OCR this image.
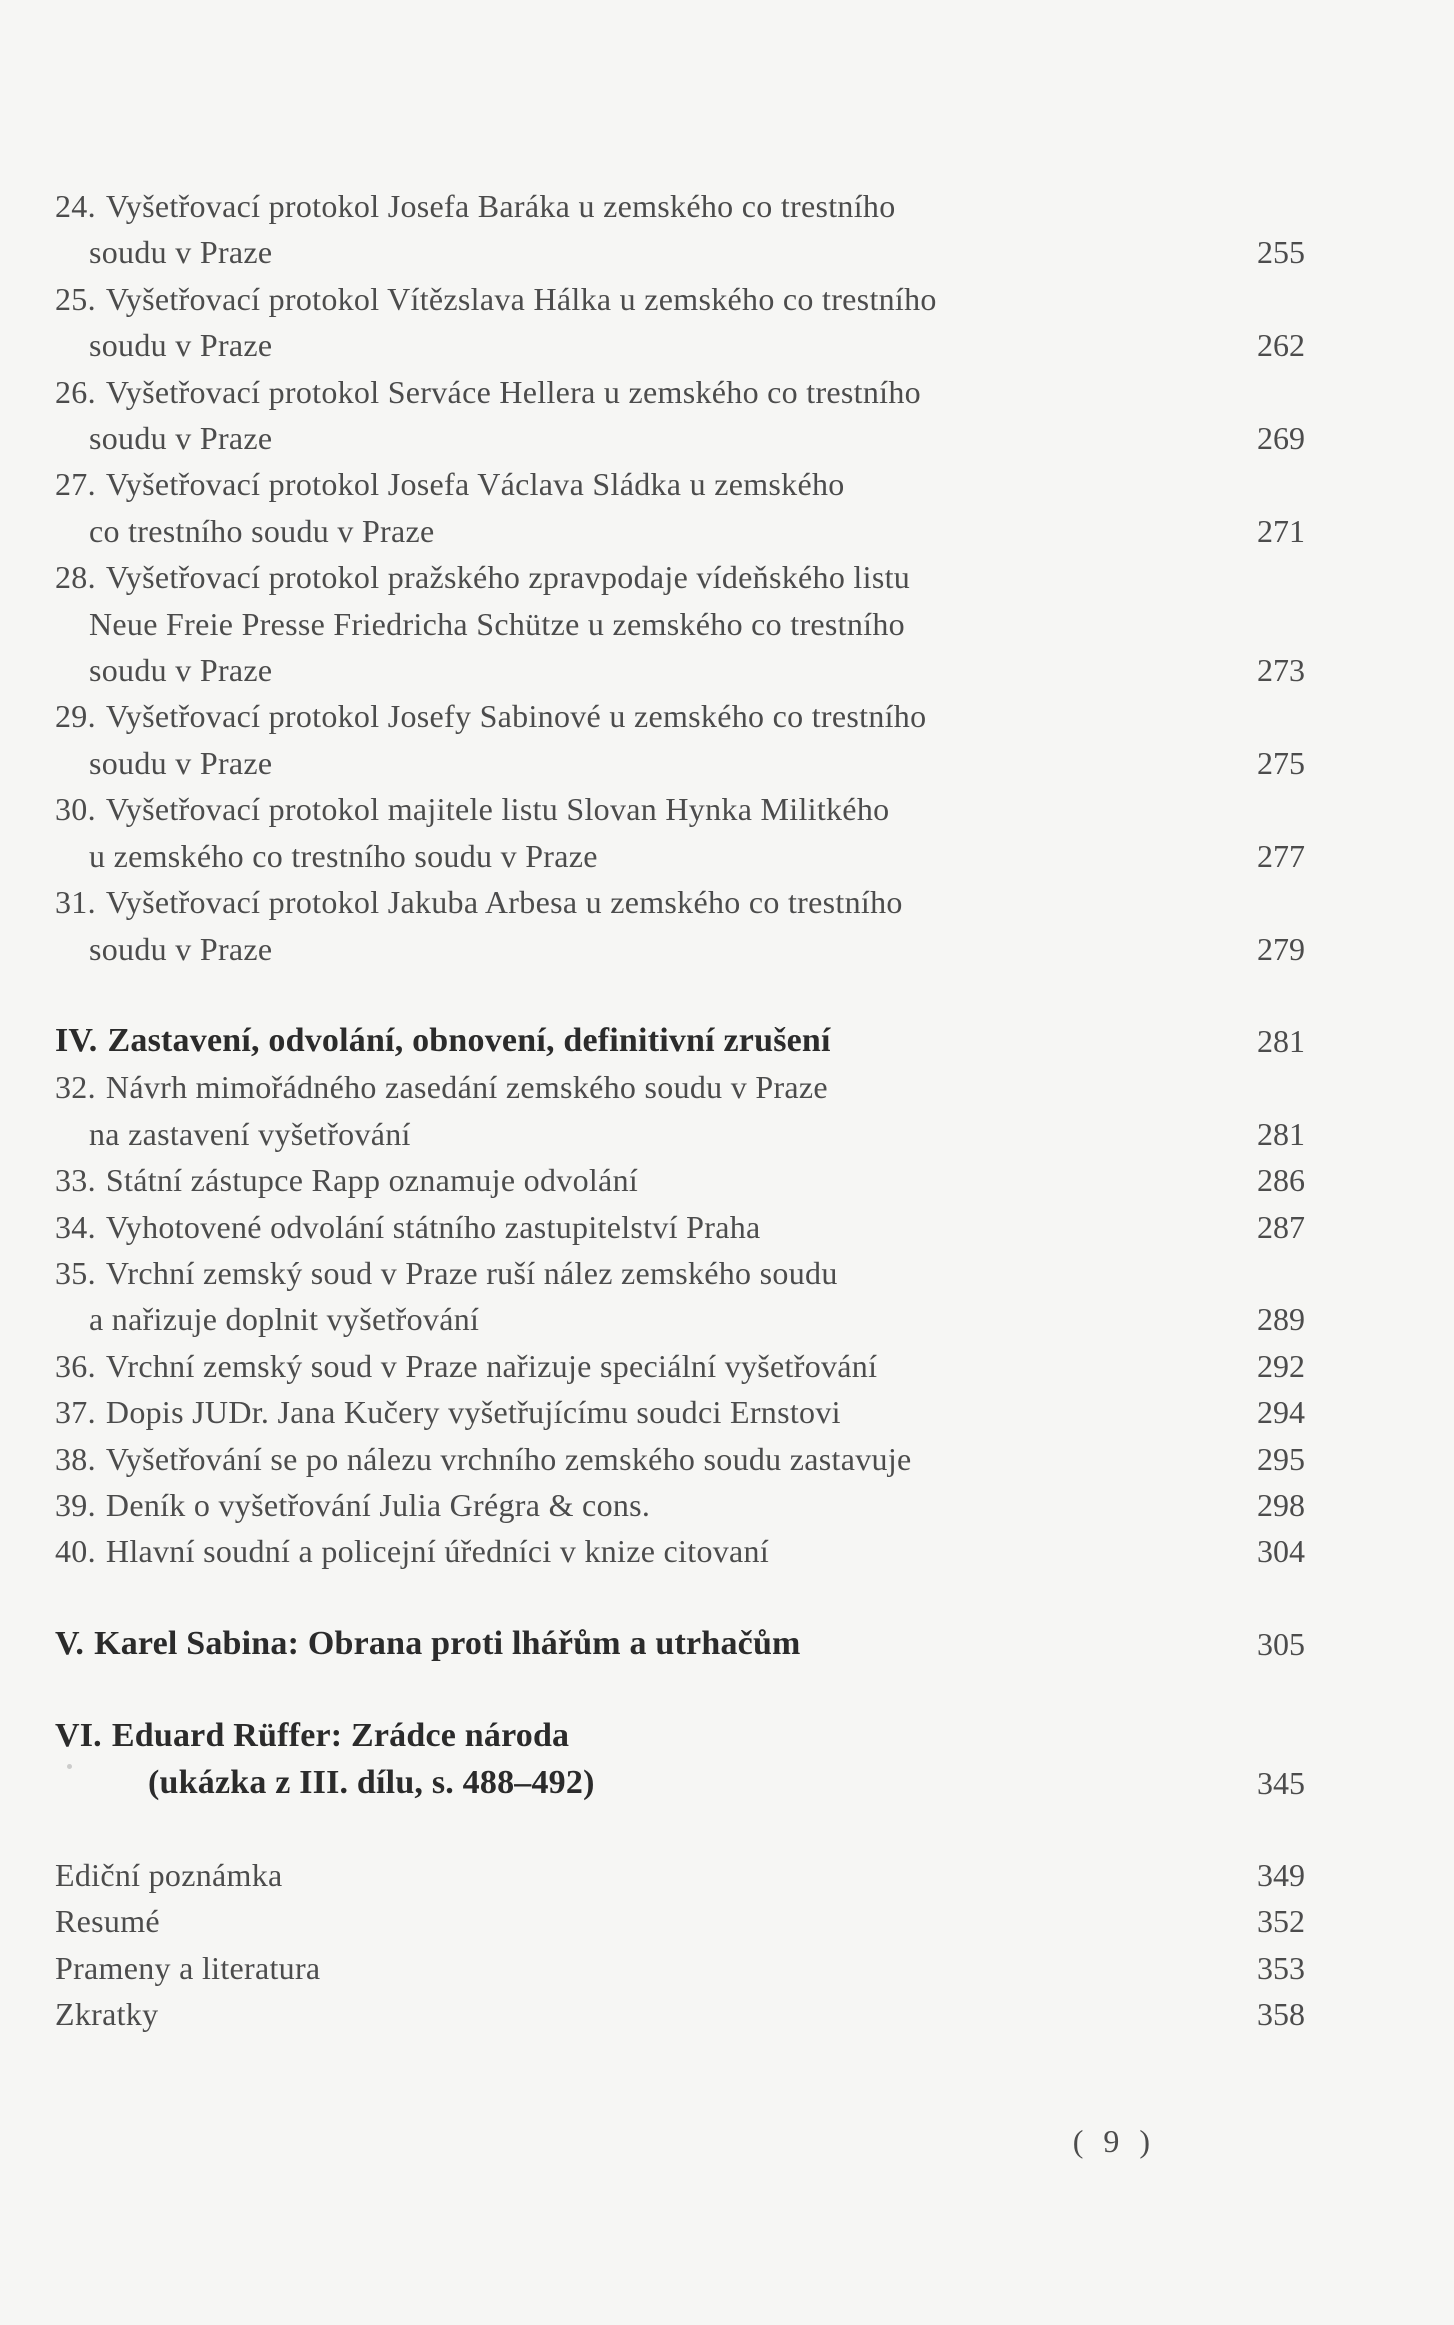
24. Vyšetřovací protokol Josefa Baráka u zemského co trestního
soudu v Praze	255
25. Vyšetřovací protokol Vítězslava Hálka u zemského co trestního
soudu v Praze	262
26. Vyšetřovací protokol Serváce Hellera u zemského co trestního
soudu v Praze	269
27. Vyšetřovací protokol Josefa Václava Sládka u zemského
co trestního soudu v Praze	271
28. Vyšetřovací protokol pražského zpravpodaje vídeňského listu
Neue Freie Presse Friedricha Schütze u zemského co trestního
soudu v Praze	273
29. Vyšetřovací protokol Josefy Sabinové u zemského co trestního
soudu v Praze	275
30. Vyšetřovací protokol majitele listu Slovan Hynka Militkého
u zemského co trestního soudu v Praze	277
31. Vyšetřovací protokol Jakuba Arbesa u zemského co trestního
soudu v Praze	279
IV. Zastavení, odvolání, obnovení, definitivní zrušení	281
32. Návrh mimořádného zasedání zemského soudu v Praze
na zastavení vyšetřování	281
33. Státní zástupce Rapp oznamuje odvolání	286
34. Vyhotovené odvolání státního zastupitelství Praha	287
35. Vrchní zemský soud v Praze ruší nález zemského soudu
a nařizuje doplnit vyšetřování	289
36. Vrchní zemský soud v Praze nařizuje speciální vyšetřování	292
37. Dopis JUDr. Jana Kučery vyšetřujícímu soudci Ernstovi	294
38. Vyšetřování se po nálezu vrchního zemského soudu zastavuje	295
39. Deník o vyšetřování Julia Grégra & cons.	298
40. Hlavní soudní a policejní úředníci v knize citovaní	304
V. Karel Sabina: Obrana proti lhářům a utrhačům	305
VI. Eduard Rüffer: Zrádce národa
(ukázka z III. dílu, s. 488–492)	345
Ediční poznámka	349
Resumé	352
Prameny a literatura	353
Zkratky	358
( 9 )
